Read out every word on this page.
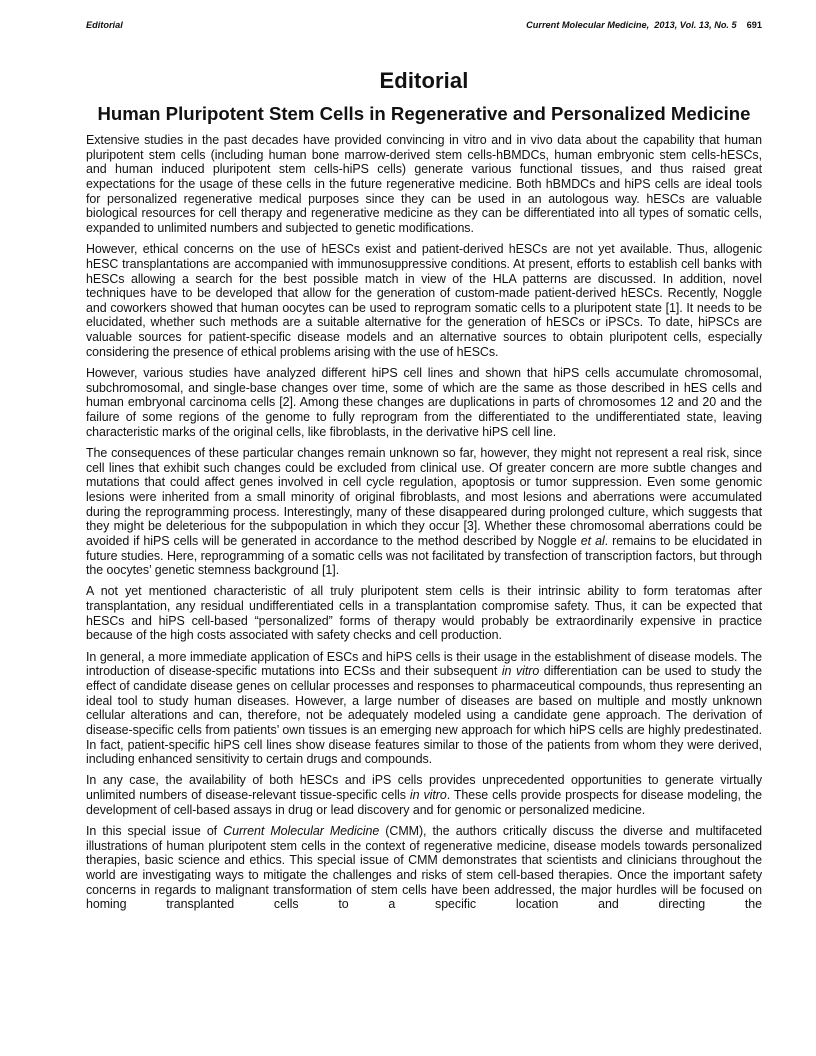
Editorial	Current Molecular Medicine,  2013, Vol. 13, No. 5 691
Editorial
Human Pluripotent Stem Cells in Regenerative and Personalized Medicine

Extensive studies in the past decades have provided convincing in vitro and in vivo data about the capability that human pluripotent stem cells (including human bone marrow-derived stem cells-hBMDCs, human embryonic stem cells-hESCs, and human induced pluripotent stem cells-hiPS cells) generate various functional tissues, and thus raised great expectations for the usage of these cells in the future regenerative medicine. Both hBMDCs and hiPS cells are ideal tools for personalized regenerative medical purposes since they can be used in an autologous way. hESCs are valuable biological resources for cell therapy and regenerative medicine as they can be differentiated into all types of somatic cells, expanded to unlimited numbers and subjected to genetic modifications.

However, ethical concerns on the use of hESCs exist and patient-derived hESCs are not yet available. Thus, allogenic hESC transplantations are accompanied with immunosuppressive conditions. At present, efforts to establish cell banks with hESCs allowing a search for the best possible match in view of the HLA patterns are discussed. In addition, novel techniques have to be developed that allow for the generation of custom-made patient-derived hESCs. Recently, Noggle and coworkers showed that human oocytes can be used to reprogram somatic cells to a pluripotent state [1]. It needs to be elucidated, whether such methods are a suitable alternative for the generation of hESCs or iPSCs. To date, hiPSCs are valuable sources for patient-specific disease models and an alternative sources to obtain pluripotent cells, especially considering the presence of ethical problems arising with the use of hESCs.

However, various studies have analyzed different hiPS cell lines and shown that hiPS cells accumulate chromosomal, subchromosomal, and single-base changes over time, some of which are the same as those described in hES cells and human embryonal carcinoma cells [2]. Among these changes are duplications in parts of chromosomes 12 and 20 and the failure of some regions of the genome to fully reprogram from the differentiated to the undifferentiated state, leaving characteristic marks of the original cells, like fibroblasts, in the derivative hiPS cell line.

The consequences of these particular changes remain unknown so far, however, they might not represent a real risk, since cell lines that exhibit such changes could be excluded from clinical use. Of greater concern are more subtle changes and mutations that could affect genes involved in cell cycle regulation, apoptosis or tumor suppression. Even some genomic lesions were inherited from a small minority of original fibroblasts, and most lesions and aberrations were accumulated during the reprogramming process. Interestingly, many of these disappeared during prolonged culture, which suggests that they might be deleterious for the subpopulation in which they occur [3]. Whether these chromosomal aberrations could be avoided if hiPS cells will be generated in accordance to the method described by Noggle et al. remains to be elucidated in future studies. Here, reprogramming of a somatic cells was not facilitated by transfection of transcription factors, but through the oocytes’ genetic stemness background [1].

A not yet mentioned characteristic of all truly pluripotent stem cells is their intrinsic ability to form teratomas after transplantation, any residual undifferentiated cells in a transplantation compromise safety. Thus, it can be expected that hESCs and hiPS cell-based “personalized” forms of therapy would probably be extraordinarily expensive in practice because of the high costs associated with safety checks and cell production.

In general, a more immediate application of ESCs and hiPS cells is their usage in the establishment of disease models. The introduction of disease-specific mutations into ECSs and their subsequent in vitro differentiation can be used to study the effect of candidate disease genes on cellular processes and responses to pharmaceutical compounds, thus representing an ideal tool to study human diseases. However, a large number of diseases are based on multiple and mostly unknown cellular alterations and can, therefore, not be adequately modeled using a candidate gene approach. The derivation of disease-specific cells from patients’ own tissues is an emerging new approach for which hiPS cells are highly predestinated. In fact, patient-specific hiPS cell lines show disease features similar to those of the patients from whom they were derived, including enhanced sensitivity to certain drugs and compounds.

In any case, the availability of both hESCs and iPS cells provides unprecedented opportunities to generate virtually unlimited numbers of disease-relevant tissue-specific cells in vitro. These cells provide prospects for disease modeling, the development of cell-based assays in drug or lead discovery and for genomic or personalized medicine.

In this special issue of Current Molecular Medicine (CMM), the authors critically discuss the diverse and multifaceted illustrations of human pluripotent stem cells in the context of regenerative medicine, disease models towards personalized therapies, basic science and ethics. This special issue of CMM demonstrates that scientists and clinicians throughout the world are investigating ways to mitigate the challenges and risks of stem cell-based therapies. Once the important safety concerns in regards to malignant transformation of stem cells have been addressed, the major hurdles will be focused on homing transplanted cells to a specific location and directing the
